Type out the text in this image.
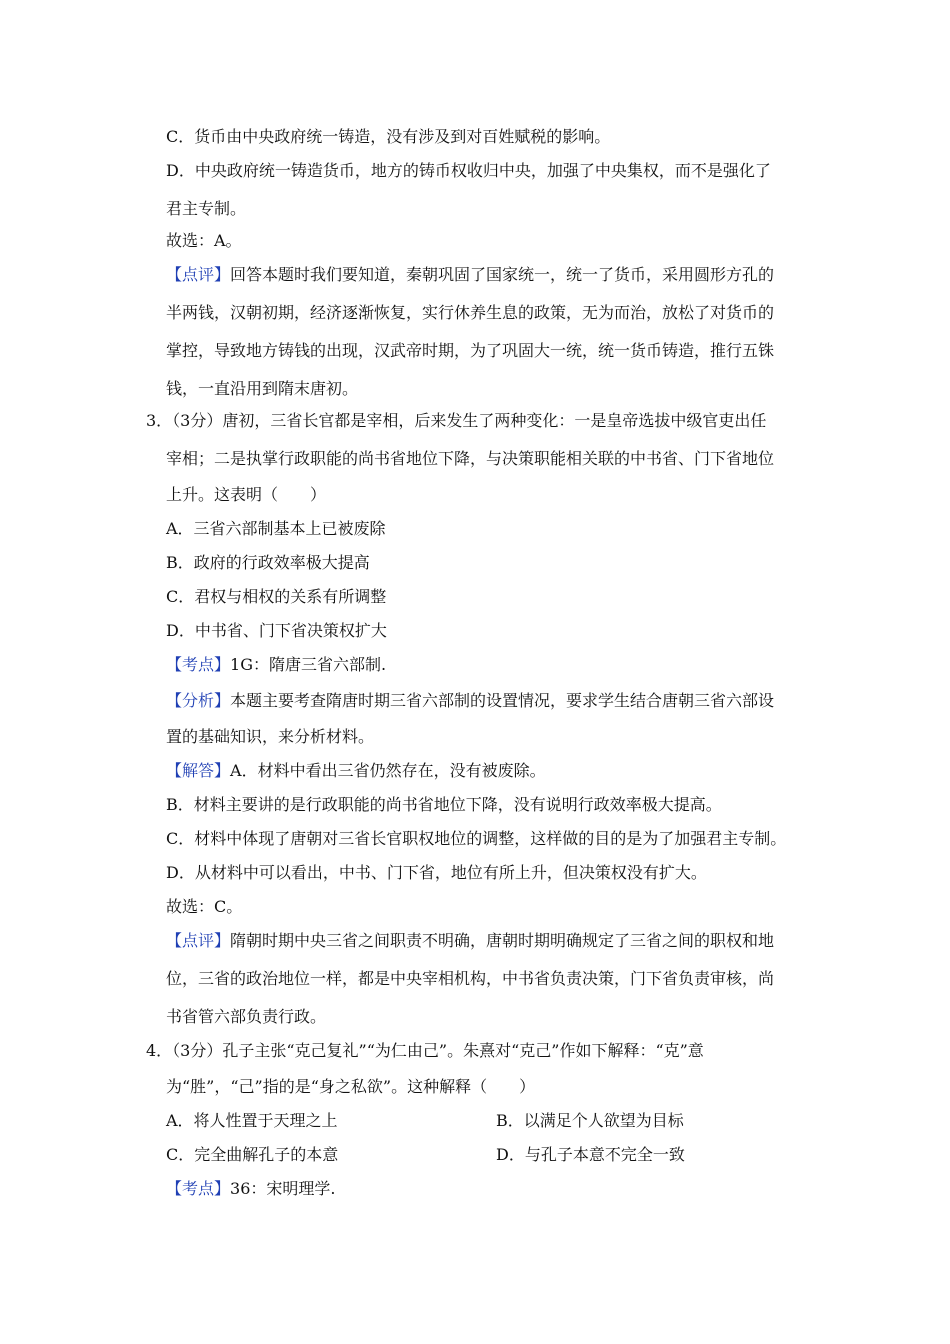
C．货币由中央政府统一铸造，没有涉及到对百姓赋税的影响。
D．中央政府统一铸造货币，地方的铸币权收归中央，加强了中央集权，而不是强化了
君主专制。
故选：A。
【点评】回答本题时我们要知道，秦朝巩固了国家统一，统一了货币，采用圆形方孔的
半两钱，汉朝初期，经济逐渐恢复，实行休养生息的政策，无为而治，放松了对货币的
掌控，导致地方铸钱的出现，汉武帝时期，为了巩固大一统，统一货币铸造，推行五铢
钱，一直沿用到隋末唐初。
3．（3分）唐初，三省长官都是宰相，后来发生了两种变化：一是皇帝选拔中级官吏出任
宰相；二是执掌行政职能的尚书省地位下降，与决策职能相关联的中书省、门下省地位
上升。这表明（　　）
A．三省六部制基本上已被废除
B．政府的行政效率极大提高
C．君权与相权的关系有所调整
D．中书省、门下省决策权扩大
【考点】1G：隋唐三省六部制.
【分析】本题主要考查隋唐时期三省六部制的设置情况，要求学生结合唐朝三省六部设
置的基础知识，来分析材料。
【解答】A．材料中看出三省仍然存在，没有被废除。
B．材料主要讲的是行政职能的尚书省地位下降，没有说明行政效率极大提高。
C．材料中体现了唐朝对三省长官职权地位的调整，这样做的目的是为了加强君主专制。
D．从材料中可以看出，中书、门下省，地位有所上升，但决策权没有扩大。
故选：C。
【点评】隋朝时期中央三省之间职责不明确，唐朝时期明确规定了三省之间的职权和地
位，三省的政治地位一样，都是中央宰相机构，中书省负责决策，门下省负责审核，尚
书省管六部负责行政。
4．（3分）孔子主张“克己复礼”“为仁由己”。朱熹对“克己”作如下解释：“克”意
为“胜”，“己”指的是“身之私欲”。这种解释（　　）
A．将人性置于天理之上	B．以满足个人欲望为目标
C．完全曲解孔子的本意	D．与孔子本意不完全一致
【考点】36：宋明理学.
